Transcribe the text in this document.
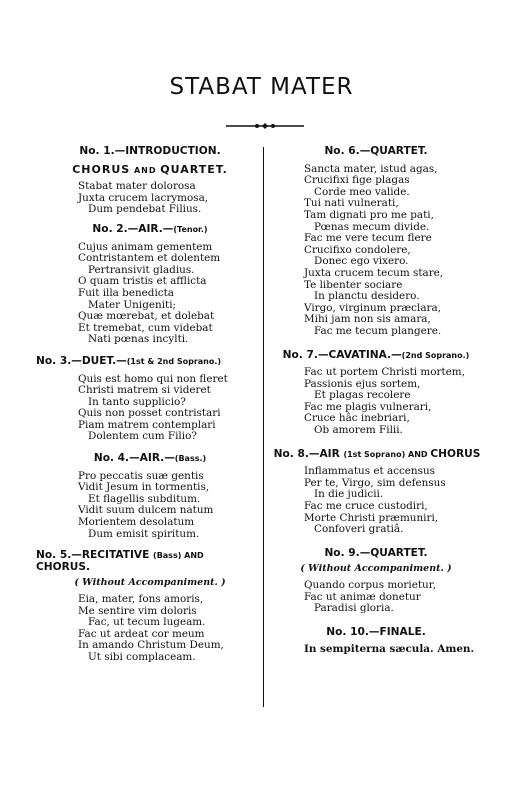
STABAT MATER
No. 1.—INTRODUCTION.
CHORUS AND QUARTET.
Stabat mater dolorosa
Juxta crucem lacrymosa,
Dum pendebat Filius.
No. 2.—AIR.—(Tenor.)
Cujus animam gementem
Contristantem et dolentem
Pertransivit gladius.
O quam tristis et afflicta
Fuit illa benedicta
Mater Unigeniti;
Quæ mœrebat, et dolebat
Et tremebat, cum videbat
Nati pœnas incylti.
No. 3.—DUET.—(1st & 2nd Soprano.)
Quis est homo qui non fleret
Christi matrem si videret
In tanto supplicio?
Quis non posset contristari
Piam matrem contemplari
Dolentem cum Filio?
No. 4.—AIR.—(Bass.)
Pro peccatis suæ gentis
Vidit Jesum in tormentis,
Et flagellis subditum.
Vidit suum dulcem natum
Morientem desolatum
Dum emisit spiritum.
No. 5.—RECITATIVE (Bass) AND CHORUS.
( Without Accompaniment. )
Eia, mater, fons amoris,
Me sentire vim doloris
Fac, ut tecum lugeam.
Fac ut ardeat cor meum
In amando Christum Deum,
Ut sibi complaceam.
No. 6.—QUARTET.
Sancta mater, istud agas,
Crucifixi fige plagas
Corde meo valide.
Tui nati vulnerati,
Tam dignati pro me pati,
Pœnas mecum divide.
Fac me vere tecum flere
Crucifixo condolere,
Donec ego vixero.
Juxta crucem tecum stare,
Te libenter sociare
In planctu desidero.
Virgo, virginum præclara,
Mihi jam non sis amara,
Fac me tecum plangere.
No. 7.—CAVATINA.—(2nd Soprano.)
Fac ut portem Christi mortem,
Passionis ejus sortem,
Et plagas recolere
Fac me plagis vulnerari,
Cruce hâc inebriari,
Ob amorem Filii.
No. 8.—AIR (1st Soprano) AND CHORUS
Inflammatus et accensus
Per te, Virgo, sim defensus
In die judicii.
Fac me cruce custodiri,
Morte Christi præmuniri,
Confoveri gratiâ.
No. 9.—QUARTET.
( Without Accompaniment. )
Quando corpus morietur,
Fac ut animæ donetur
Paradisi gloria.
No. 10.—FINALE.
In sempiterna sæcula. Amen.
